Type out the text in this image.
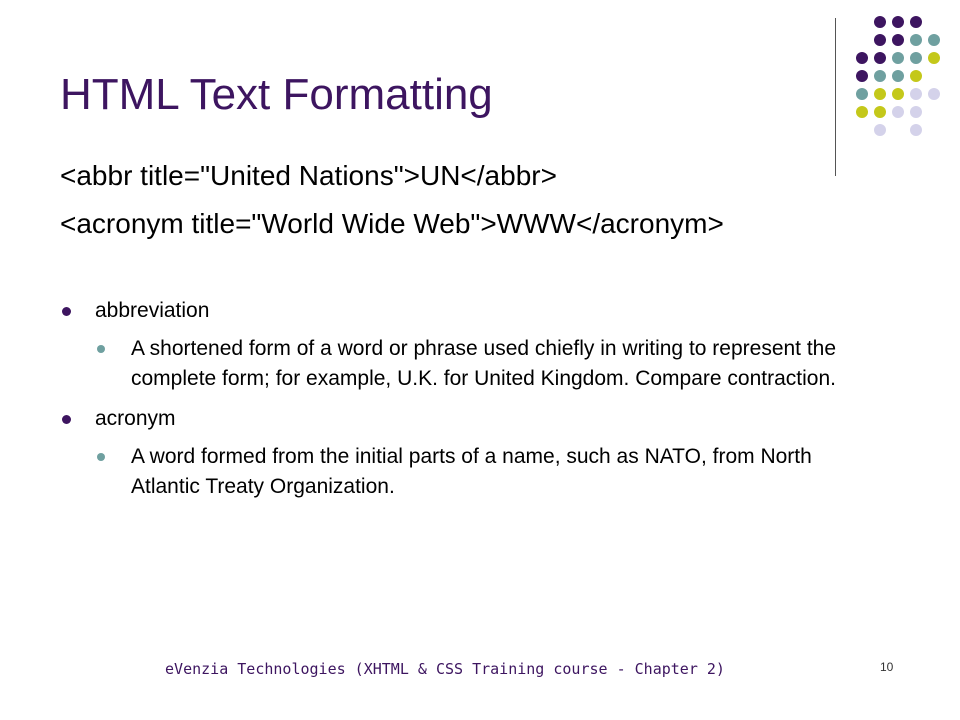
HTML Text Formatting
<abbr title="United Nations">UN</abbr>
<acronym title="World Wide Web">WWW</acronym>
abbreviation
A shortened form of a word or phrase used chiefly in writing to represent the complete form; for example, U.K. for United Kingdom. Compare contraction.
acronym
A word formed from the initial parts of a name, such as NATO, from North Atlantic Treaty Organization.
eVenzia Technologies (XHTML & CSS Training course - Chapter 2)	10
